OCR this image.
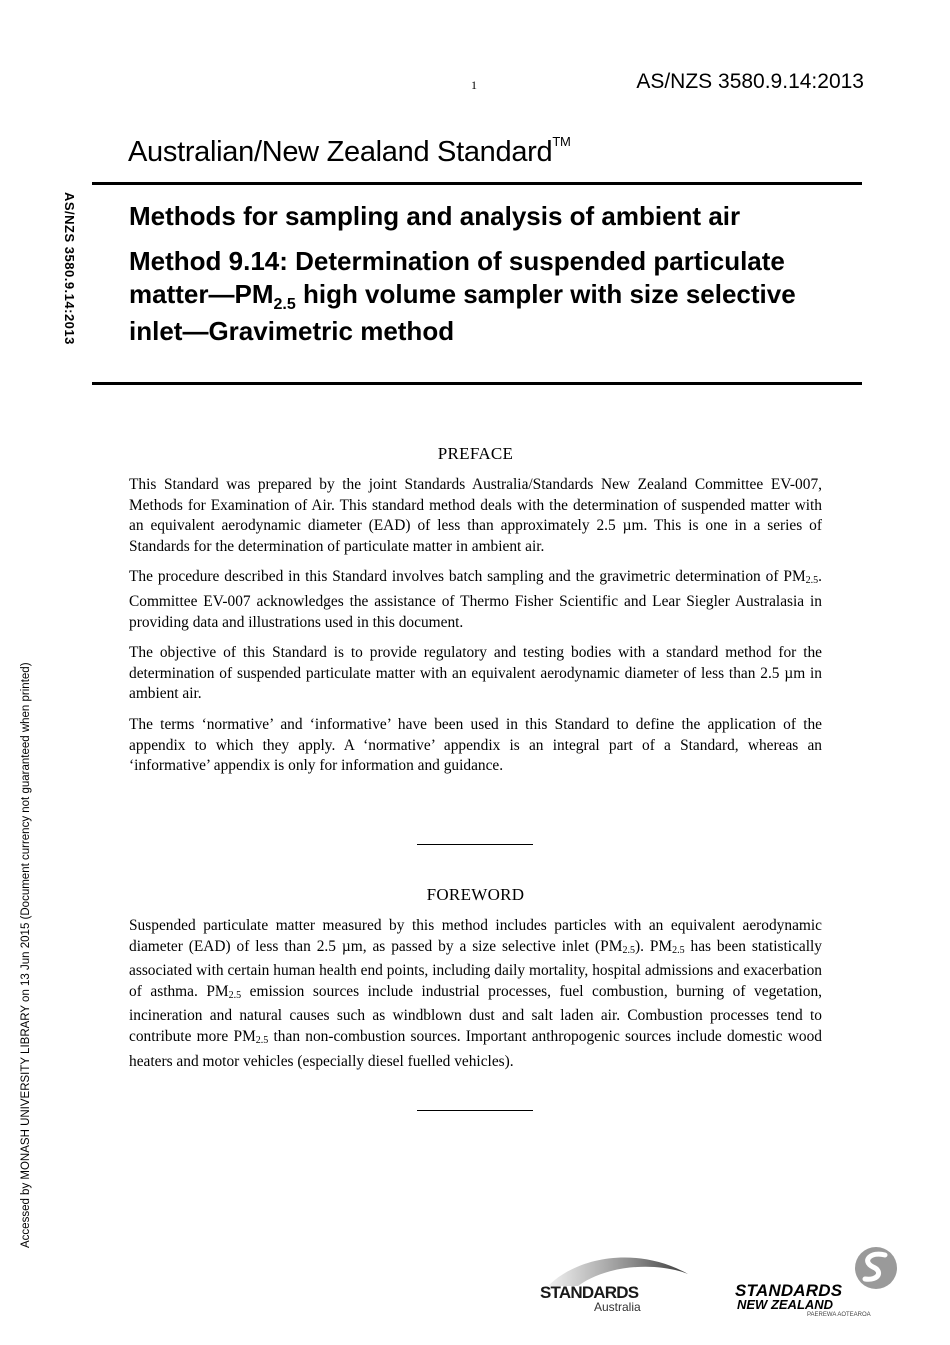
1	AS/NZS 3580.9.14:2013
Australian/New Zealand Standard™
AS/NZS 3580.9.14:2013 Methods for sampling and analysis of ambient air
Method 9.14: Determination of suspended particulate $matter—PM_{2.5}$ high volume sampler with size selective inlet—Gravimetric method
Accessed by MONASH UNIVERSITY LIBRARY on 13 Jun 2015 (Document currency not guaranteed when printed)
PREFACE

This Standard was prepared by the joint Standards Australia/Standards New Zealand Committee EV-007, Methods for Examination of Air. This standard method deals with the determination of suspended matter with an equivalent aerodynamic diameter (EAD) of less than approximately 2.5 µm. This is one in a series of Standards for the determination of particulate matter in ambient air.

The procedure described in this Standard involves batch sampling and the gravimetric determination of $PM_{2.5}$. Committee EV-007 acknowledges the assistance of Thermo Fisher Scientific and Lear Siegler Australasia in providing data and illustrations used in this document.

The objective of this Standard is to provide regulatory and testing bodies with a standard method for the determination of suspended particulate matter with an equivalent aerodynamic diameter of less than 2.5 µm in ambient air.

The terms ‘normative’ and ‘informative’ have been used in this Standard to define the application of the appendix to which they apply. A ‘normative’ appendix is an integral part of a Standard, whereas an ‘informative’ appendix is only for information and guidance.

FOREWORD

Suspended particulate matter measured by this method includes particles with an equivalent aerodynamic diameter (EAD) of less than 2.5 µm, as passed by a size selective inlet $(PM_{2.5})$. $PM_{2.5}$ has been statistically associated with certain human health end points, including daily mortality, hospital admissions and exacerbation of asthma. $PM_{2.5}$ emission sources include industrial processes, fuel combustion, burning of vegetation, incineration and natural causes such as windblown dust and salt laden air. Combustion processes tend to contribute more $PM_{2.5}$ than non-combustion sources. Important anthropogenic sources include domestic wood heaters and motor vehicles (especially diesel fuelled vehicles).

STANDARDS
Australia
STANDARDS
NEW ZEALAND
PAEREWA AOTEAROA
